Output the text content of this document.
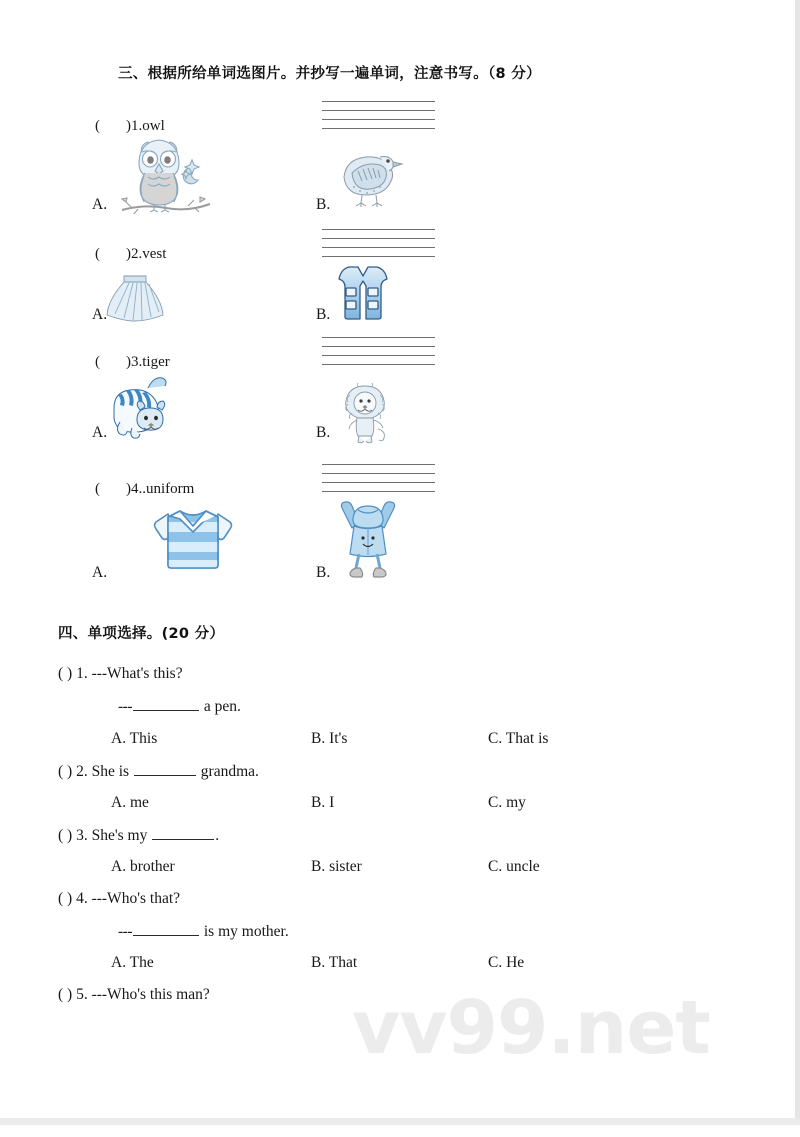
三、根据所给单词选图片。并抄写一遍单词，注意书写。（8 分）
( )1.owl
A.	B.
( )2.vest
A.	B.
( )3.tiger
A.	B.
( )4..uniform
A.	B.
四、单项选择。(20 分）
( ) 1. ---What's this?
---	a pen.
A. This	B. It's	C. That is
( ) 2. She is	grandma.
A. me	B. I	C. my
( ) 3. She's my	.
A. brother	B. sister	C. uncle
( ) 4. ---Who's that?
---	is my mother.
A. The	B. That	C. He
( ) 5. ---Who's this man? vv99.net
